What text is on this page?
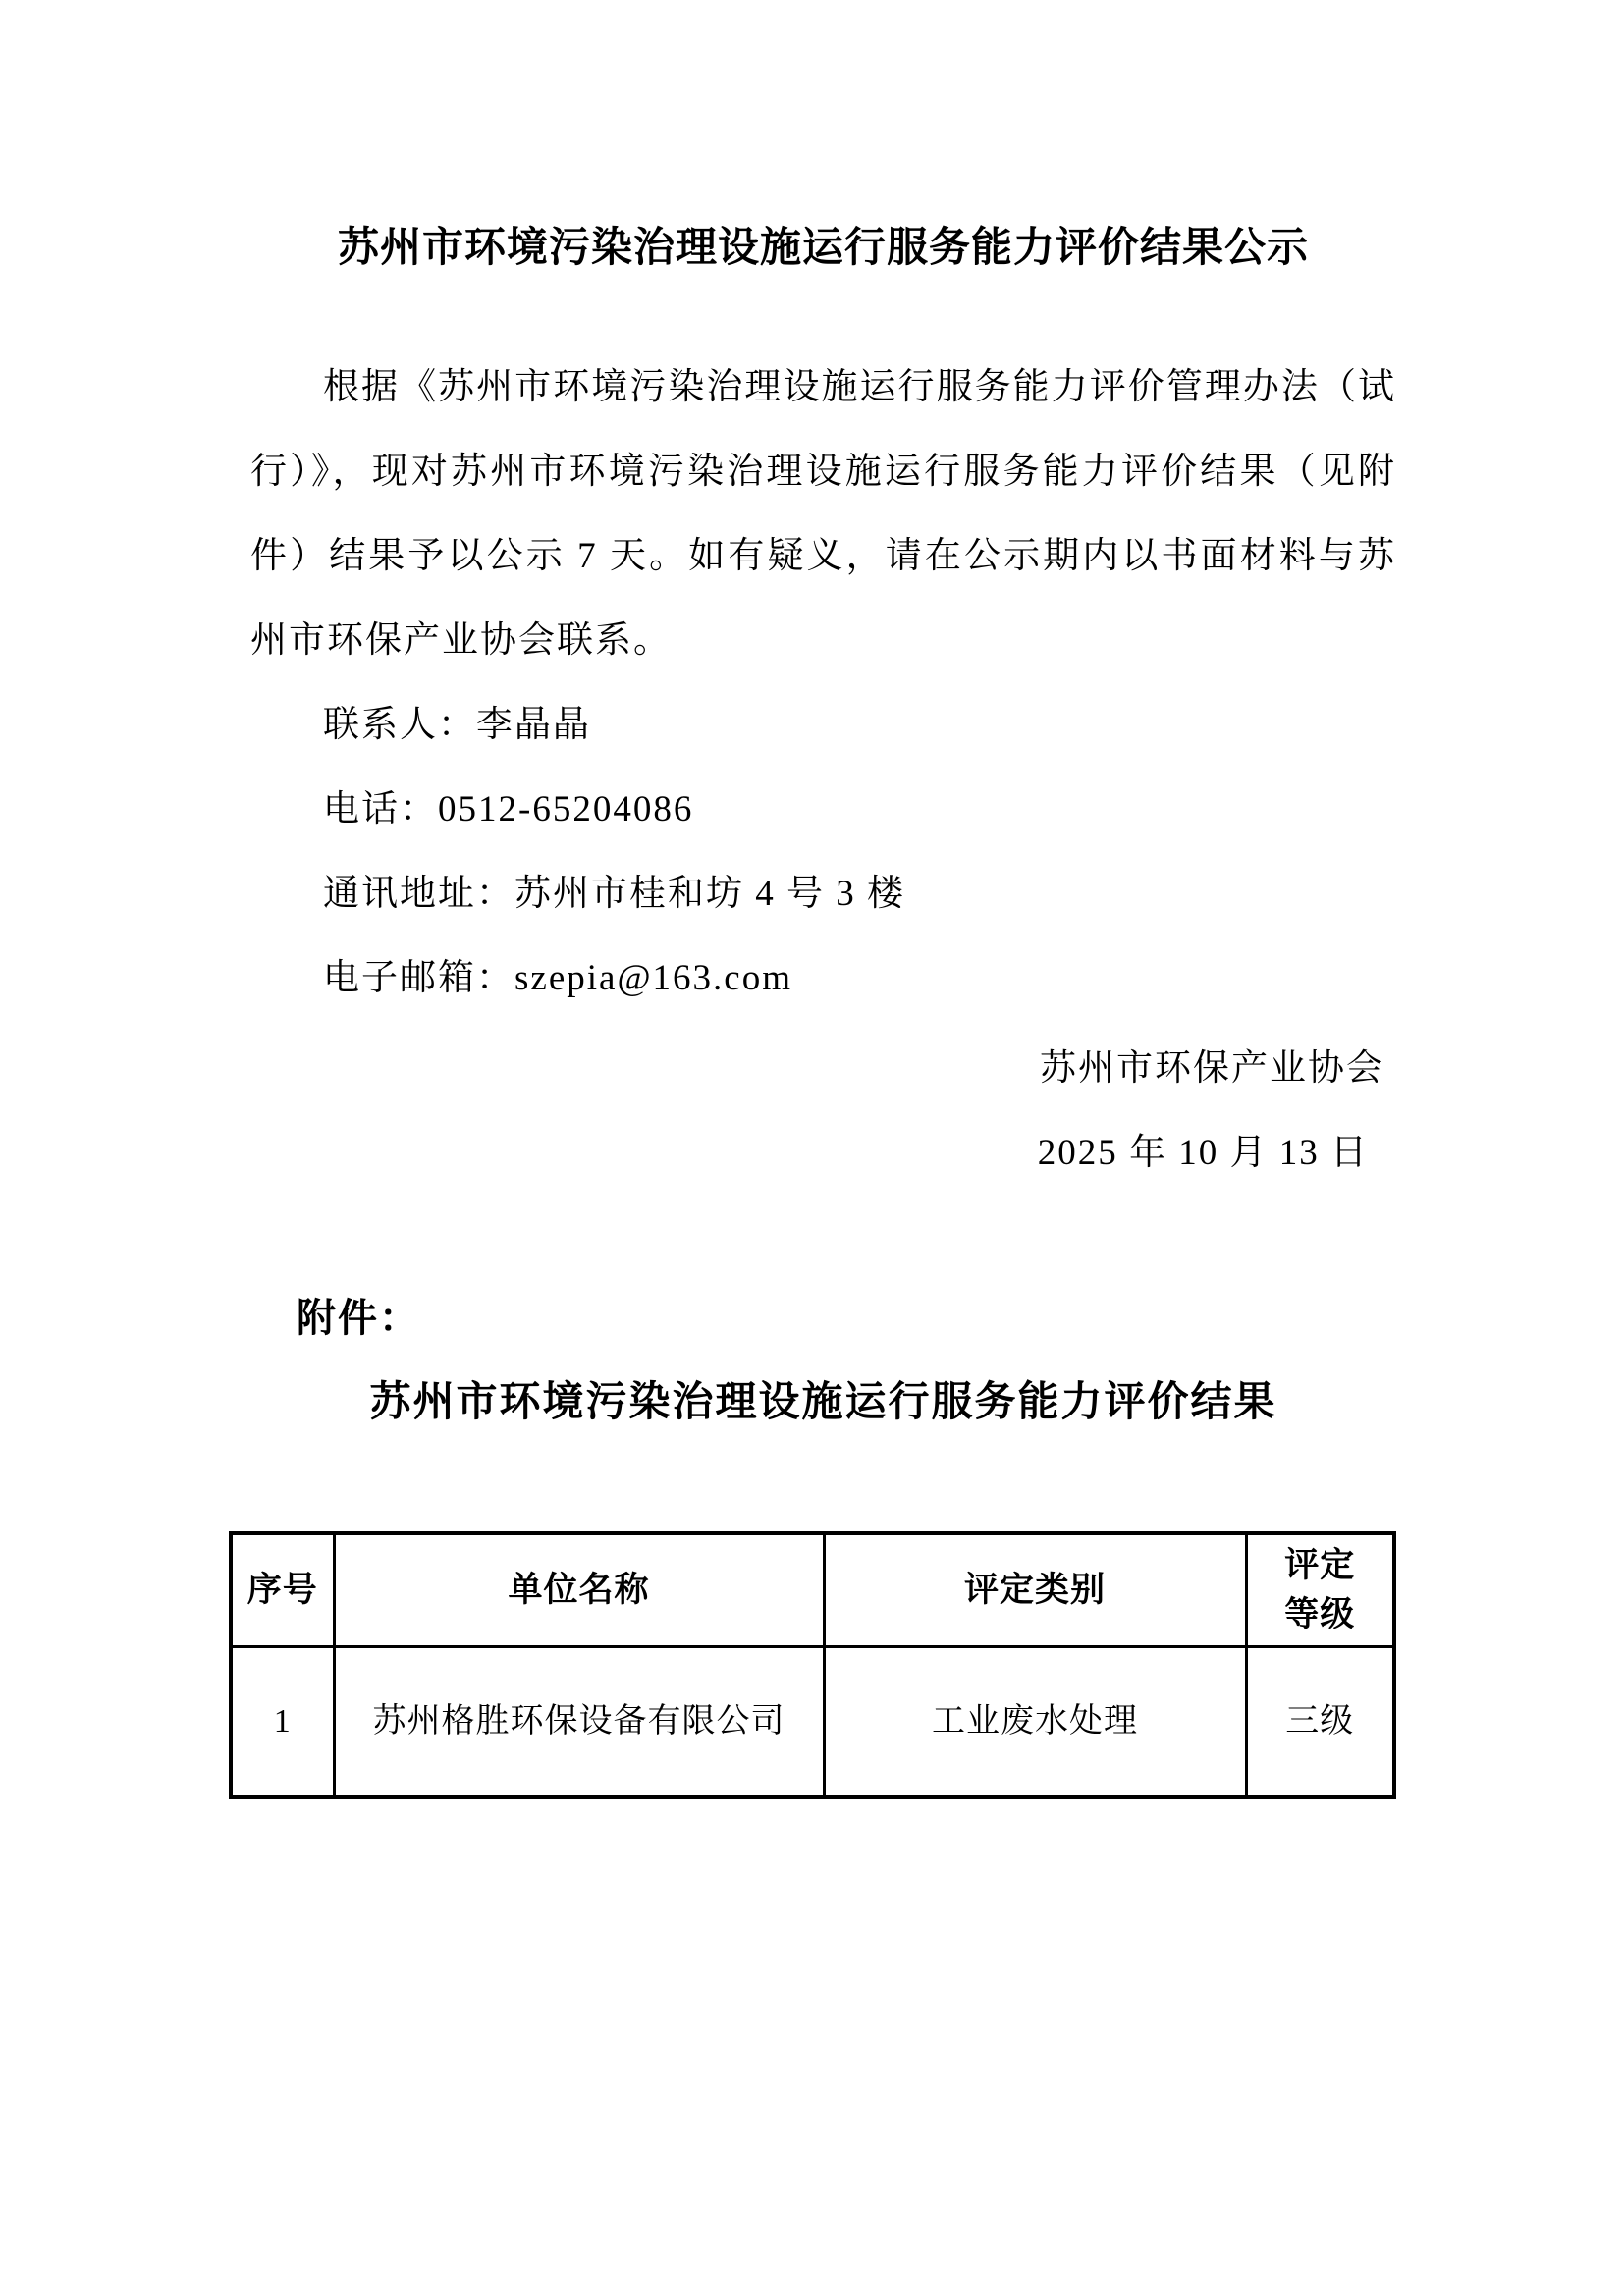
苏州市环境污染治理设施运行服务能力评价结果公示

根据《苏州市环境污染治理设施运行服务能力评价管理办法（试行）》，现对苏州市环境污染治理设施运行服务能力评价结果（见附件）结果予以公示 7 天。如有疑义，请在公示期内以书面材料与苏州市环保产业协会联系。

联系人：李晶晶

电话：0512-65204086

通讯地址：苏州市桂和坊 4 号 3 楼

电子邮箱：szepia@163.com

苏州市环保产业协会

2025 年 10 月 13 日

附件：

苏州市环境污染治理设施运行服务能力评价结果

序号	单位名称	评定类别	评定等级
1	苏州格胜环保设备有限公司	工业废水处理	三级
